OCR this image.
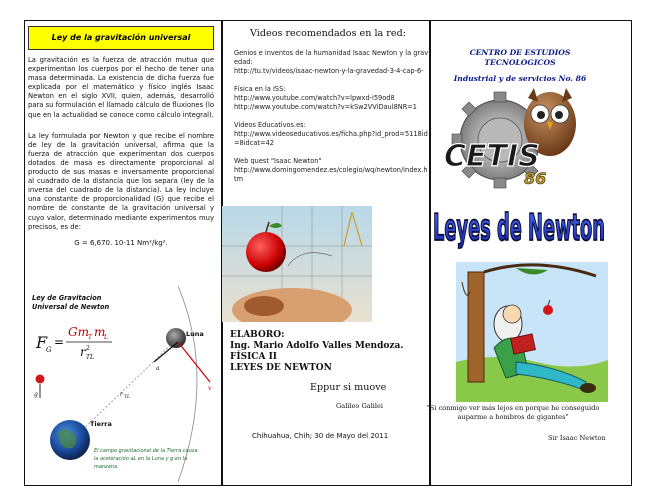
Ley de la gravitación universal

La gravitación es la fuerza de atracción mutua que experimentan los cuerpos por el hecho de tener una masa determinada. La existencia de dicha fuerza fue explicada por el matemático y físico inglés Isaac Newton en el siglo XVII, quien, además, desarrolló para su formulación el llamado cálculo de fluxiones (lo que en la actualidad se conoce como cálculo integral).

La ley formulada por Newton y que recibe el nombre de ley de la gravitación universal, afirma que la fuerza de atracción que experimentan dos cuerpos dotados de masa es directamente proporcional al producto de sus masas e inversamente proporcional al cuadrado de la distancia que los separa (ley de la inversa del cuadrado de la distancia). La ley incluye una constante de proporcionalidad (G) que recibe el nombre de constante de la gravitación universal y cuyo valor, determinado mediante experimentos muy precisos, es de:

G = 6,670. 10-11 Nm²/kg².

Ley de Gravitacion
Universal de Newton
F
G
=
Gm T m
L
r 2
TL
Luna
a
v
r TL
g
Tierra
El campo gravitacional de la Tierra causa la aceleración aL en la Luna y g en la manzana.
Videos recomendados en la red:
Genios e inventos de la humanidad Isaac Newton y la gravedad:
http://tu.tv/videos/isaac-newton-y-la-gravedad-3-4-cap-6-
Física en la ISS:
http://www.youtube.com/watch?v=lpwxd-i59od8
http://www.youtube.com/watch?v=kSw2VViDaul8NR=1
Videos Educativos.es:
http://www.videoseducativos.es/ficha.php?id_prod=5118id=8idcat=42
Web quest "Isaac Newton"
http://www.domingomendez.es/colegio/wq/newton/index.htm
ELABORO:
Ing. Mario Adolfo Valles Mendoza.
FÍSICA II
LEYES DE NEWTON
Eppur si muove
Galileo Galilei
Chihuahua, Chih; 30 de Mayo del 2011
CENTRO DE ESTUDIOS TECNOLOGICOS
Industrial y de servicios No. 86
CETIS
86
Leyes de Newton
"Si conmigo ver más lejos en porque he conseguido auparme a hombros de gigantes"
Sir Isaac Newton
